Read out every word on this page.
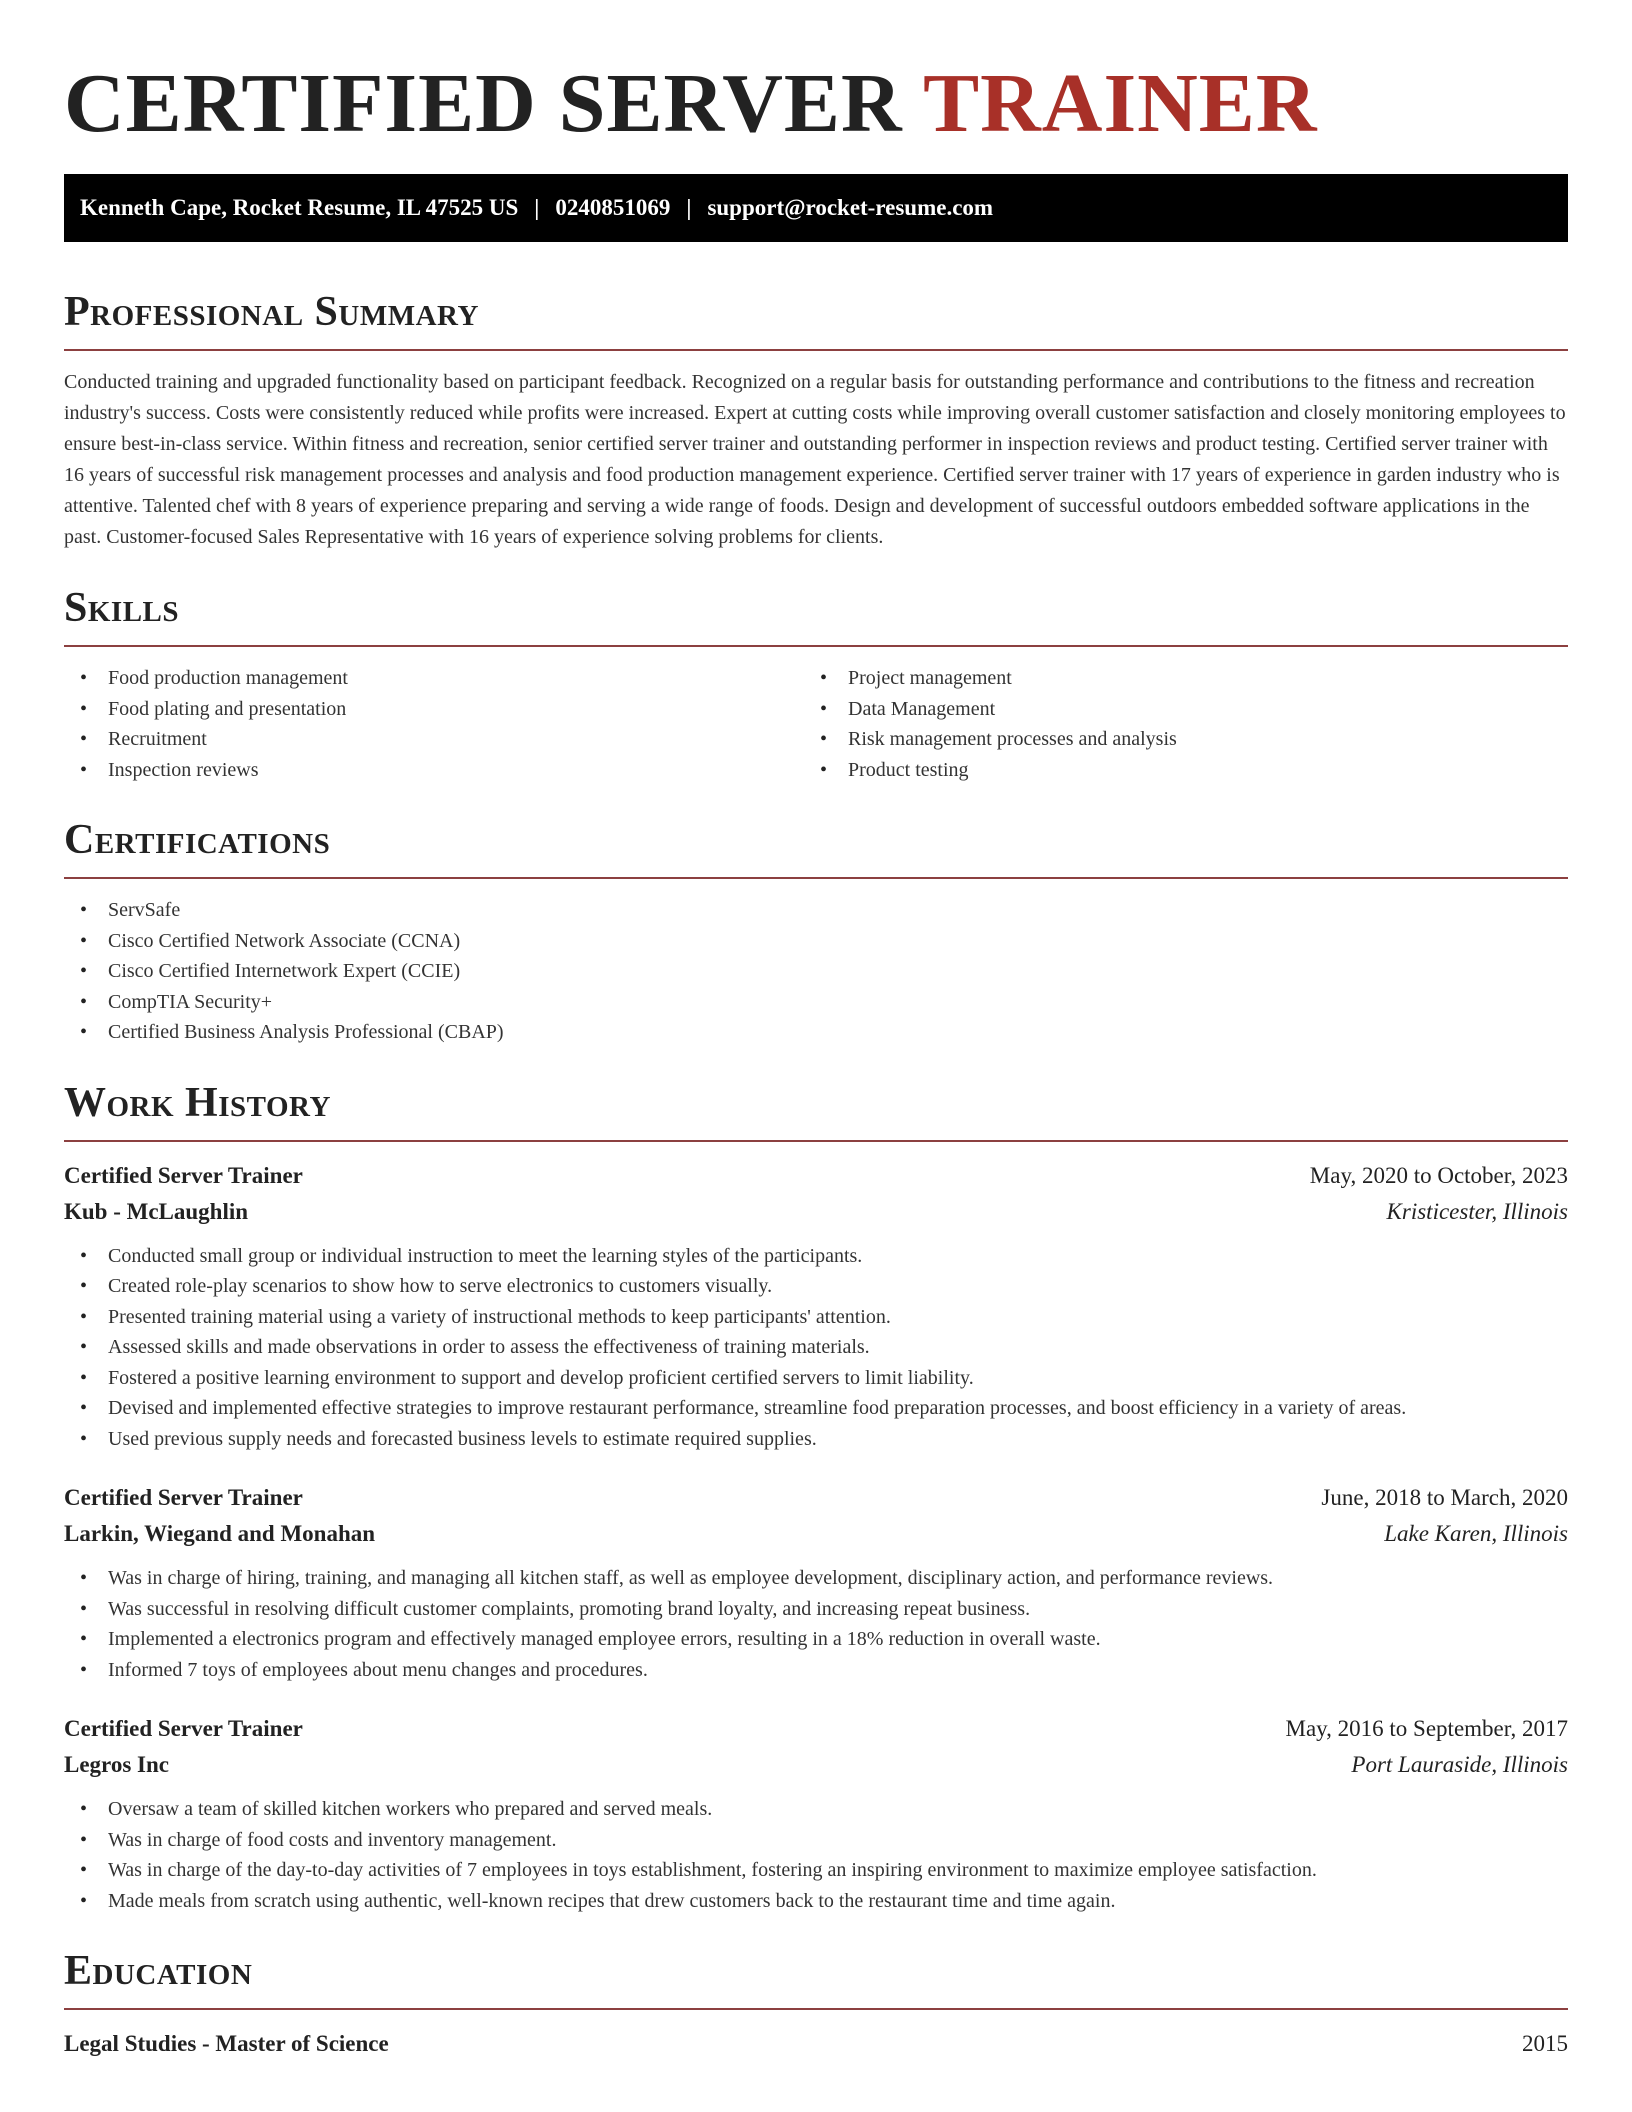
CERTIFIED SERVER TRAINER
Kenneth Cape, Rocket Resume, IL 47525 US | 0240851069 | support@rocket-resume.com
Professional Summary

Conducted training and upgraded functionality based on participant feedback. Recognized on a regular basis for outstanding performance and contributions to the fitness and recreation industry's success. Costs were consistently reduced while profits were increased. Expert at cutting costs while improving overall customer satisfaction and closely monitoring employees to ensure best-in-class service. Within fitness and recreation, senior certified server trainer and outstanding performer in inspection reviews and product testing. Certified server trainer with 16 years of successful risk management processes and analysis and food production management experience. Certified server trainer with 17 years of experience in garden industry who is attentive. Talented chef with 8 years of experience preparing and serving a wide range of foods. Design and development of successful outdoors embedded software applications in the past. Customer-focused Sales Representative with 16 years of experience solving problems for clients.

Skills
• Food production management
• Food plating and presentation
• Recruitment
• Inspection reviews
• Project management
• Data Management
• Risk management processes and analysis
• Product testing
Certifications
• ServSafe
• Cisco Certified Network Associate (CCNA)
• Cisco Certified Internetwork Expert (CCIE)
• CompTIA Security+
• Certified Business Analysis Professional (CBAP)
Work History
Certified Server Trainer	May, 2020 to October, 2023
Kub - McLaughlin	Kristicester, Illinois
• Conducted small group or individual instruction to meet the learning styles of the participants.
• Created role-play scenarios to show how to serve electronics to customers visually.
• Presented training material using a variety of instructional methods to keep participants' attention.
• Assessed skills and made observations in order to assess the effectiveness of training materials.
• Fostered a positive learning environment to support and develop proficient certified servers to limit liability.
• Devised and implemented effective strategies to improve restaurant performance, streamline food preparation processes, and boost efficiency in a variety of areas.
• Used previous supply needs and forecasted business levels to estimate required supplies.
Certified Server Trainer	June, 2018 to March, 2020
Larkin, Wiegand and Monahan	Lake Karen, Illinois
• Was in charge of hiring, training, and managing all kitchen staff, as well as employee development, disciplinary action, and performance reviews.
• Was successful in resolving difficult customer complaints, promoting brand loyalty, and increasing repeat business.
• Implemented a electronics program and effectively managed employee errors, resulting in a 18% reduction in overall waste.
• Informed 7 toys of employees about menu changes and procedures.
Certified Server Trainer	May, 2016 to September, 2017
Legros Inc	Port Lauraside, Illinois
• Oversaw a team of skilled kitchen workers who prepared and served meals.
• Was in charge of food costs and inventory management.
• Was in charge of the day-to-day activities of 7 employees in toys establishment, fostering an inspiring environment to maximize employee satisfaction.
• Made meals from scratch using authentic, well-known recipes that drew customers back to the restaurant time and time again.
Education
Legal Studies - Master of Science	2015
